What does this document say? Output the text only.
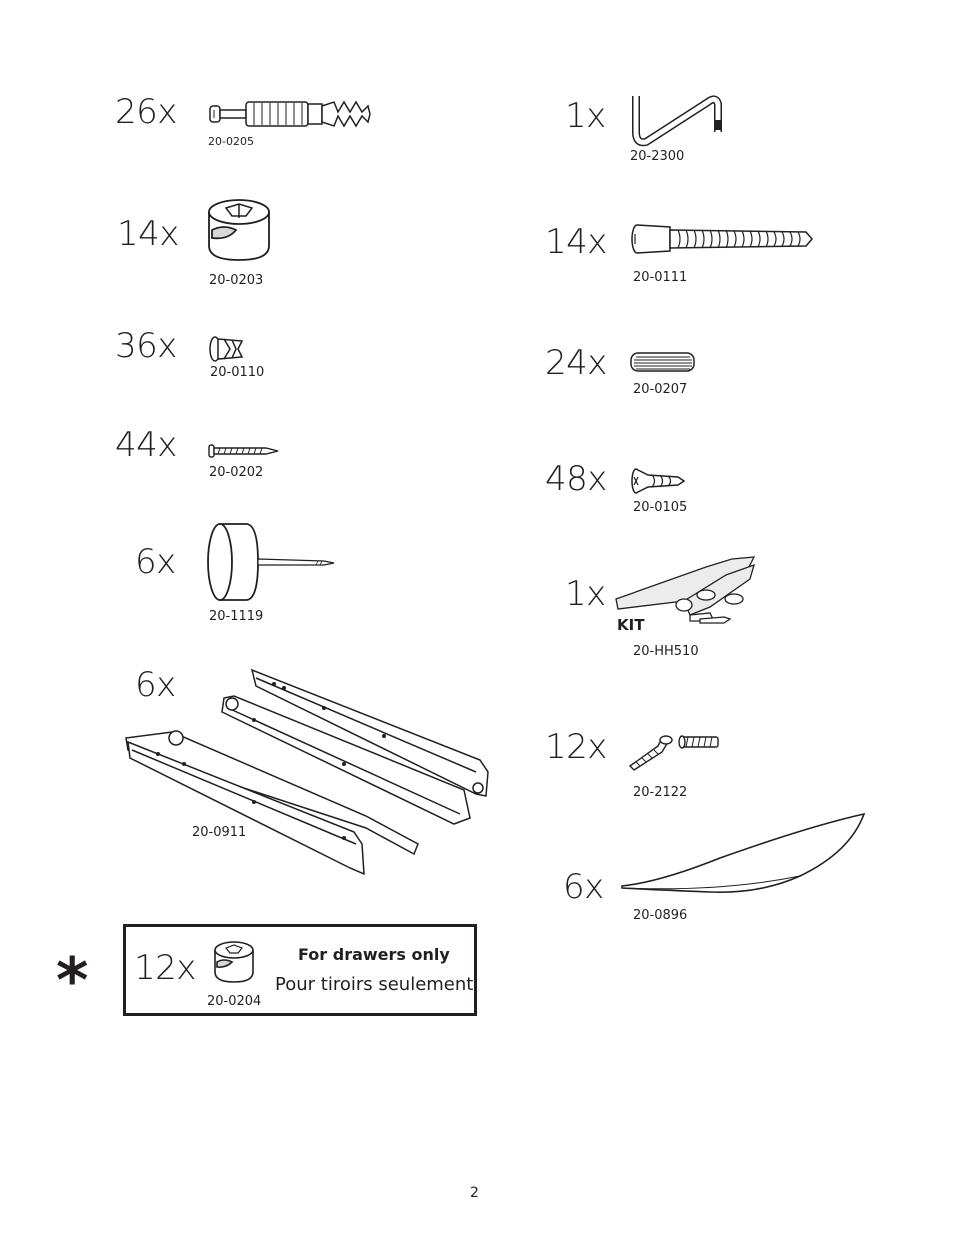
26x
20-0205
14x
20-0203
36x
20-0110
44x
20-0202
6x
20-1119
6x
20-0911
1x
20-2300
14x
20-0111
24x
20-0207
48x
20-0105
1x
KIT
20-HH510
12x
20-2122
6x
20-0896
* 12x
20-0204
For drawers only
Pour tiroirs seulement
2
